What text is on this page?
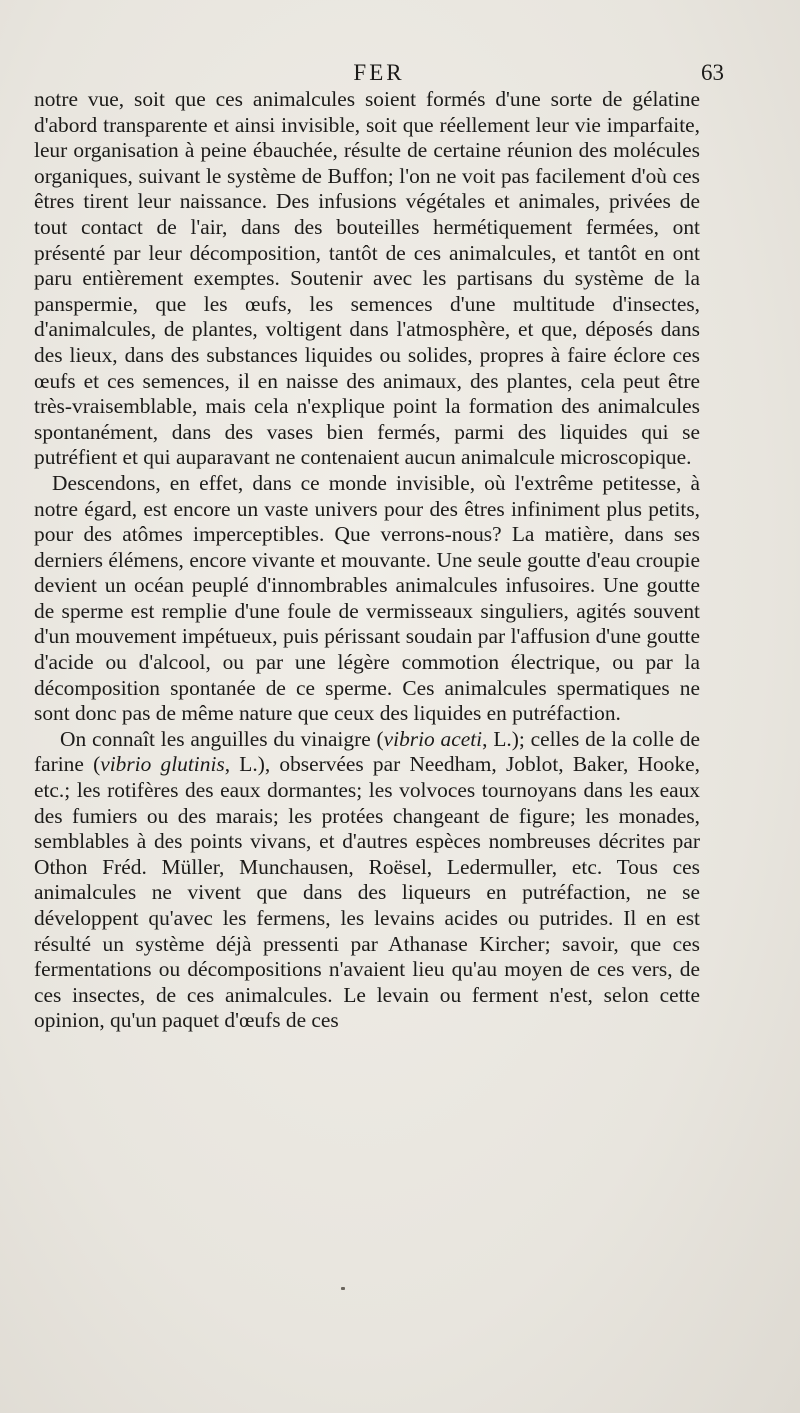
FER	63

notre vue, soit que ces animalcules soient formés d'une sorte de gélatine d'abord transparente et ainsi invisible, soit que réellement leur vie imparfaite, leur organisation à peine ébauchée, résulte de certaine réunion des molécules organiques, suivant le système de Buffon; l'on ne voit pas facilement d'où ces êtres tirent leur naissance. Des infusions végétales et animales, privées de tout contact de l'air, dans des bouteilles hermétiquement fermées, ont présenté par leur décomposition, tantôt de ces animalcules, et tantôt en ont paru entièrement exemptes. Soutenir avec les partisans du système de la panspermie, que les œufs, les semences d'une multitude d'insectes, d'animalcules, de plantes, voltigent dans l'atmosphère, et que, déposés dans des lieux, dans des substances liquides ou solides, propres à faire éclore ces œufs et ces semences, il en naisse des animaux, des plantes, cela peut être très-vraisemblable, mais cela n'explique point la formation des animalcules spontanément, dans des vases bien fermés, parmi des liquides qui se putréfient et qui auparavant ne contenaient aucun animalcule microscopique.

Descendons, en effet, dans ce monde invisible, où l'extrême petitesse, à notre égard, est encore un vaste univers pour des êtres infiniment plus petits, pour des atômes imperceptibles. Que verrons-nous? La matière, dans ses derniers élémens, encore vivante et mouvante. Une seule goutte d'eau croupie devient un océan peuplé d'innombrables animalcules infusoires. Une goutte de sperme est remplie d'une foule de vermisseaux singuliers, agités souvent d'un mouvement impétueux, puis périssant soudain par l'affusion d'une goutte d'acide ou d'alcool, ou par une légère commotion électrique, ou par la décomposition spontanée de ce sperme. Ces animalcules spermatiques ne sont donc pas de même nature que ceux des liquides en putréfaction.

On connaît les anguilles du vinaigre (vibrio aceti, L.); celles de la colle de farine (vibrio glutinis, L.), observées par Needham, Joblot, Baker, Hooke, etc.; les rotifères des eaux dormantes; les volvoces tournoyans dans les eaux des fumiers ou des marais; les protées changeant de figure; les monades, semblables à des points vivans, et d'autres espèces nombreuses décrites par Othon Fréd. Müller, Munchausen, Roësel, Ledermuller, etc. Tous ces animalcules ne vivent que dans des liqueurs en putréfaction, ne se développent qu'avec les fermens, les levains acides ou putrides. Il en est résulté un système déjà pressenti par Athanase Kircher; savoir, que ces fermentations ou décompositions n'avaient lieu qu'au moyen de ces vers, de ces insectes, de ces animalcules. Le levain ou ferment n'est, selon cette opinion, qu'un paquet d'œufs de ces
